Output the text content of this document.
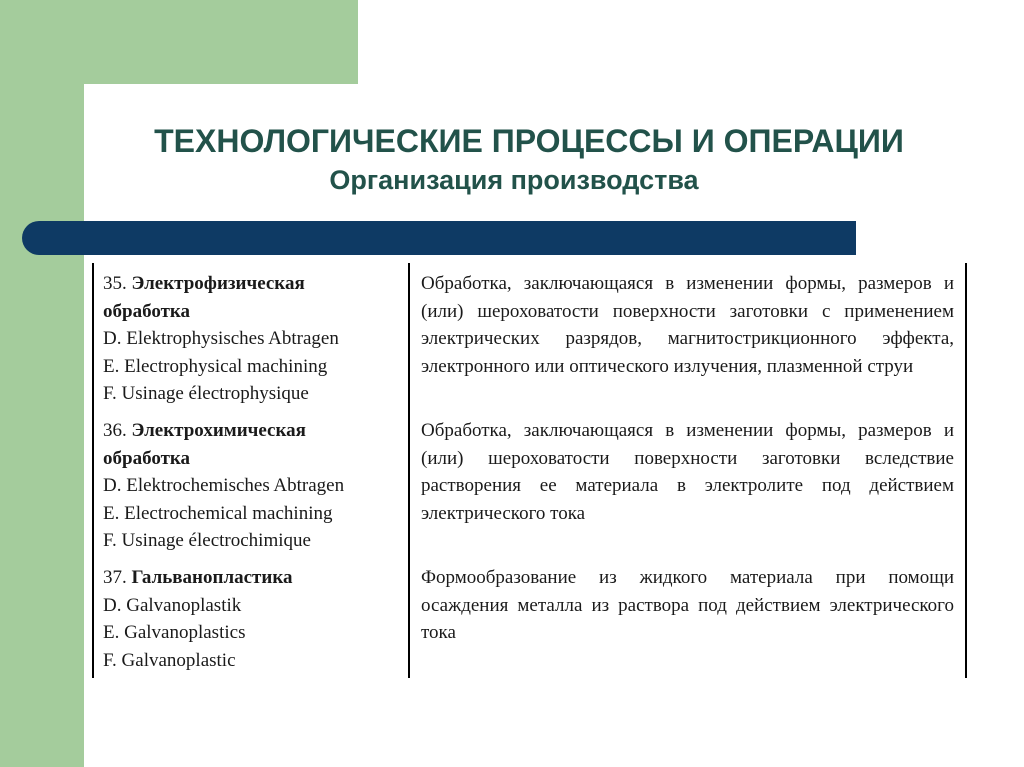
ТЕХНОЛОГИЧЕСКИЕ ПРОЦЕССЫ И ОПЕРАЦИИ
Организация производства
35. Электрофизическая
обработка
D. Elektrophysisches Abtragen
E. Electrophysical machining
F. Usinage électrophysique
Обработка, заключающаяся в изменении формы, размеров и (или) шероховатости поверхности заготовки с применением электрических разрядов, магнитострикционного эффекта, электронного или оптического излучения, плазменной струи
36. Электрохимическая
обработка
D. Elektrochemisches Abtragen
E. Electrochemical machining
F. Usinage électrochimique
Обработка, заключающаяся в изменении формы, размеров и (или) шероховатости поверхности заготовки вследствие растворения ее материала в электролите под действием электрического тока
37. Гальванопластика
D. Galvanoplastik
E. Galvanoplastics
F. Galvanoplastic
Формообразование из жидкого материала при помощи осаждения металла из раствора под действием электрического тока
